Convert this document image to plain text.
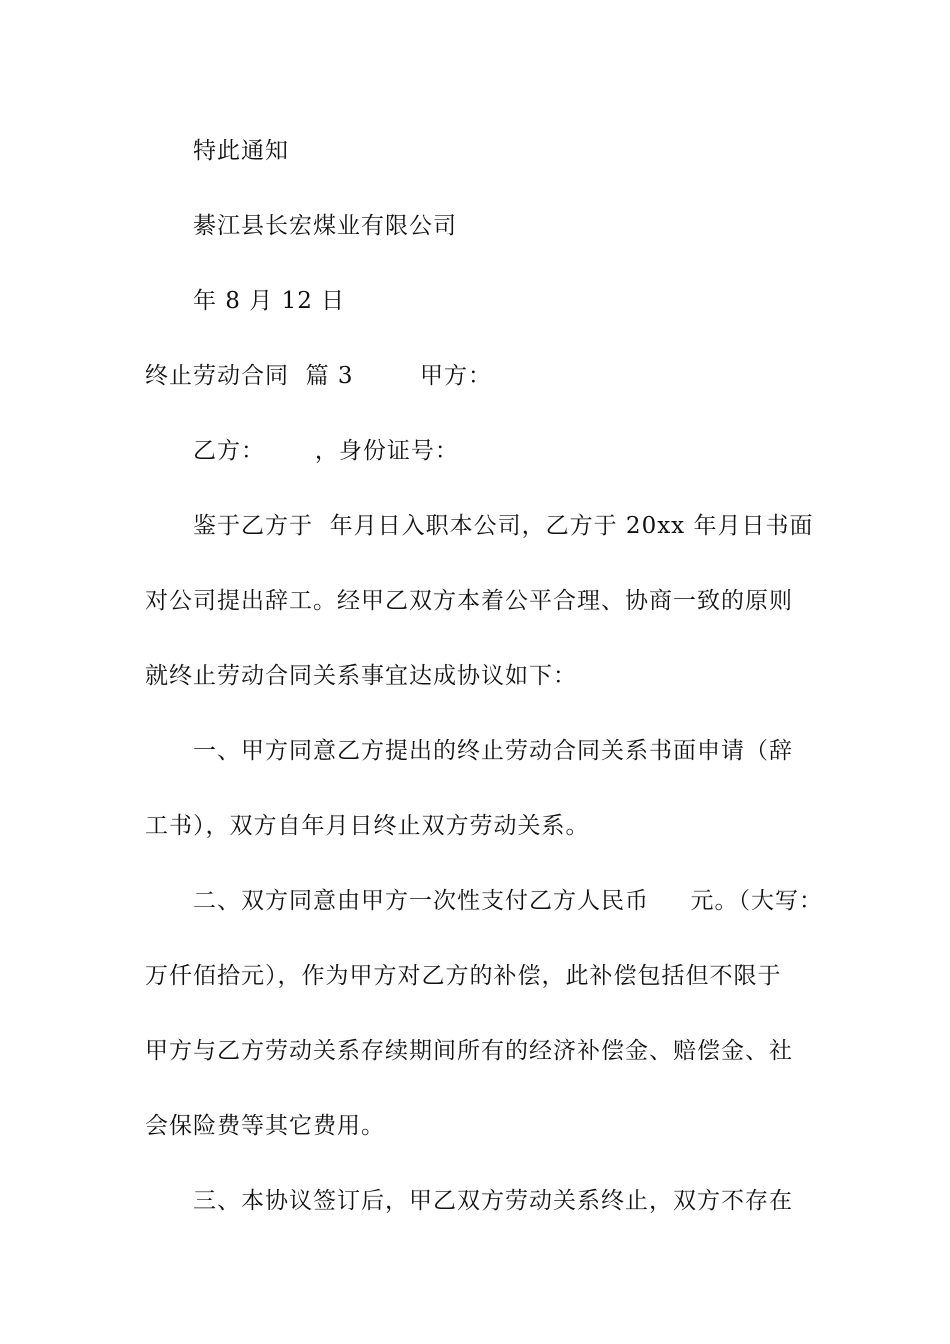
特此通知

綦江县长宏煤业有限公司

年 8 月 12 日

终止劳动合同  篇 3        甲方：

乙方：      ，身份证号：

鉴于乙方于  年月日入职本公司，乙方于 20xx 年月日书面

对公司提出辞工。经甲乙双方本着公平合理、协商一致的原则

就终止劳动合同关系事宜达成协议如下：

一、甲方同意乙方提出的终止劳动合同关系书面申请（辞

工书），双方自年月日终止双方劳动关系。

二、双方同意由甲方一次性支付乙方人民币     元。（大写：

万仟佰拾元），作为甲方对乙方的补偿，此补偿包括但不限于

甲方与乙方劳动关系存续期间所有的经济补偿金、赔偿金、社

会保险费等其它费用。

三、本协议签订后，甲乙双方劳动关系终止，双方不存在
